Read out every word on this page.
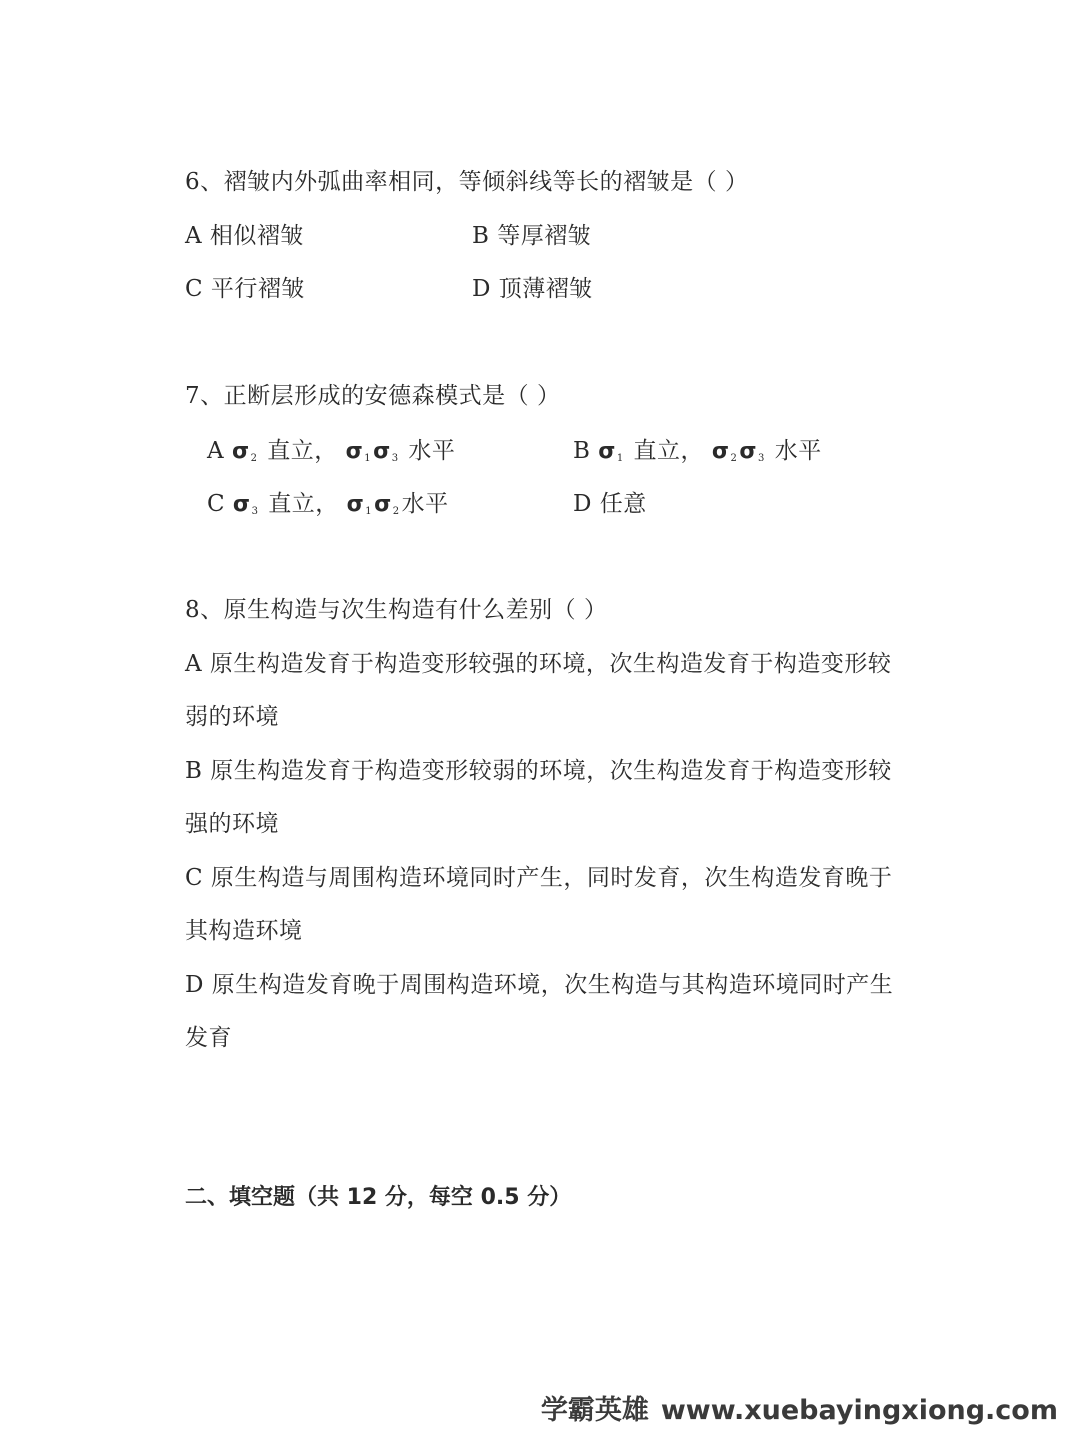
6、褶皱内外弧曲率相同，等倾斜线等长的褶皱是（ ）
A 相似褶皱	B 等厚褶皱
C 平行褶皱	D 顶薄褶皱
7、正断层形成的安德森模式是（ ）
A $\sigma_2$ 直立， $\sigma_1\sigma_3$ 水平	B $\sigma_1$ 直立， $\sigma_2\sigma_3$ 水平
C $\sigma_3$ 直立， $\sigma_1\sigma_2$水平	D 任意
8、原生构造与次生构造有什么差别（ ）
A 原生构造发育于构造变形较强的环境，次生构造发育于构造变形较
弱的环境
B 原生构造发育于构造变形较弱的环境，次生构造发育于构造变形较
强的环境
C 原生构造与周围构造环境同时产生，同时发育，次生构造发育晚于
其构造环境
D 原生构造发育晚于周围构造环境，次生构造与其构造环境同时产生
发育
二、填空题（共 12 分，每空 0.5 分）
学霸英雄 www.xuebayingxiong.com
